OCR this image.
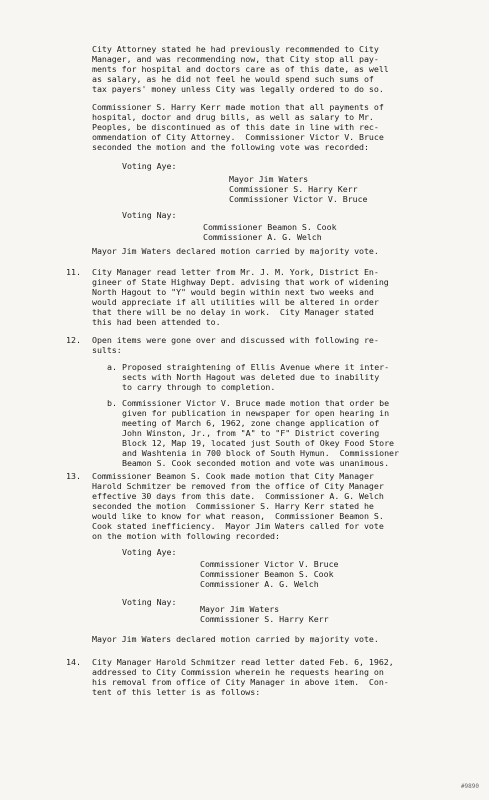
City Attorney stated he had previously recommended to City
Manager, and was recommending now, that City stop all pay-
ments for hospital and doctors care as of this date, as well
as salary, as he did not feel he would spend such sums of
tax payers' money unless City was legally ordered to do so.
Commissioner S. Harry Kerr made motion that all payments of
hospital, doctor and drug bills, as well as salary to Mr.
Peoples, be discontinued as of this date in line with rec-
ommendation of City Attorney.  Commissioner Victor V. Bruce
seconded the motion and the following vote was recorded:
Voting Aye:
Mayor Jim Waters
Commissioner S. Harry Kerr
Commissioner Victor V. Bruce
Voting Nay:
Commissioner Beamon S. Cook
Commissioner A. G. Welch
Mayor Jim Waters declared motion carried by majority vote.
11. City Manager read letter from Mr. J. M. York, District En-
gineer of State Highway Dept. advising that work of widening
North Hagout to "Y" would begin within next two weeks and
would appreciate if all utilities will be altered in order
that there will be no delay in work.  City Manager stated
this had been attended to.
12. Open items were gone over and discussed with following re-
sults:
a. Proposed straightening of Ellis Avenue where it inter-
sects with North Hagout was deleted due to inability
to carry through to completion.
b. Commissioner Victor V. Bruce made motion that order be
given for publication in newspaper for open hearing in
meeting of March 6, 1962, zone change application of
John Winston, Jr., from "A" to "F" District covering
Block 12, Map 19, located just South of Okey Food Store
and Washtenia in 700 block of South Hymun.  Commissioner
Beamon S. Cook seconded motion and vote was unanimous.
13. Commissioner Beamon S. Cook made motion that City Manager
Harold Schmitzer be removed from the office of City Manager
effective 30 days from this date.  Commissioner A. G. Welch
seconded the motion  Commissioner S. Harry Kerr stated he
would like to know for what reason,  Commissioner Beamon S.
Cook stated inefficiency.  Mayor Jim Waters called for vote
on the motion with following recorded:
Voting Aye:
Commissioner Victor V. Bruce
Commissioner Beamon S. Cook
Commissioner A. G. Welch
Voting Nay:
Mayor Jim Waters
Commissioner S. Harry Kerr
Mayor Jim Waters declared motion carried by majority vote.
14. City Manager Harold Schmitzer read letter dated Feb. 6, 1962,
addressed to City Commission wherein he requests hearing on
his removal from office of City Manager in above item.  Con-
tent of this letter is as follows:
#9890
